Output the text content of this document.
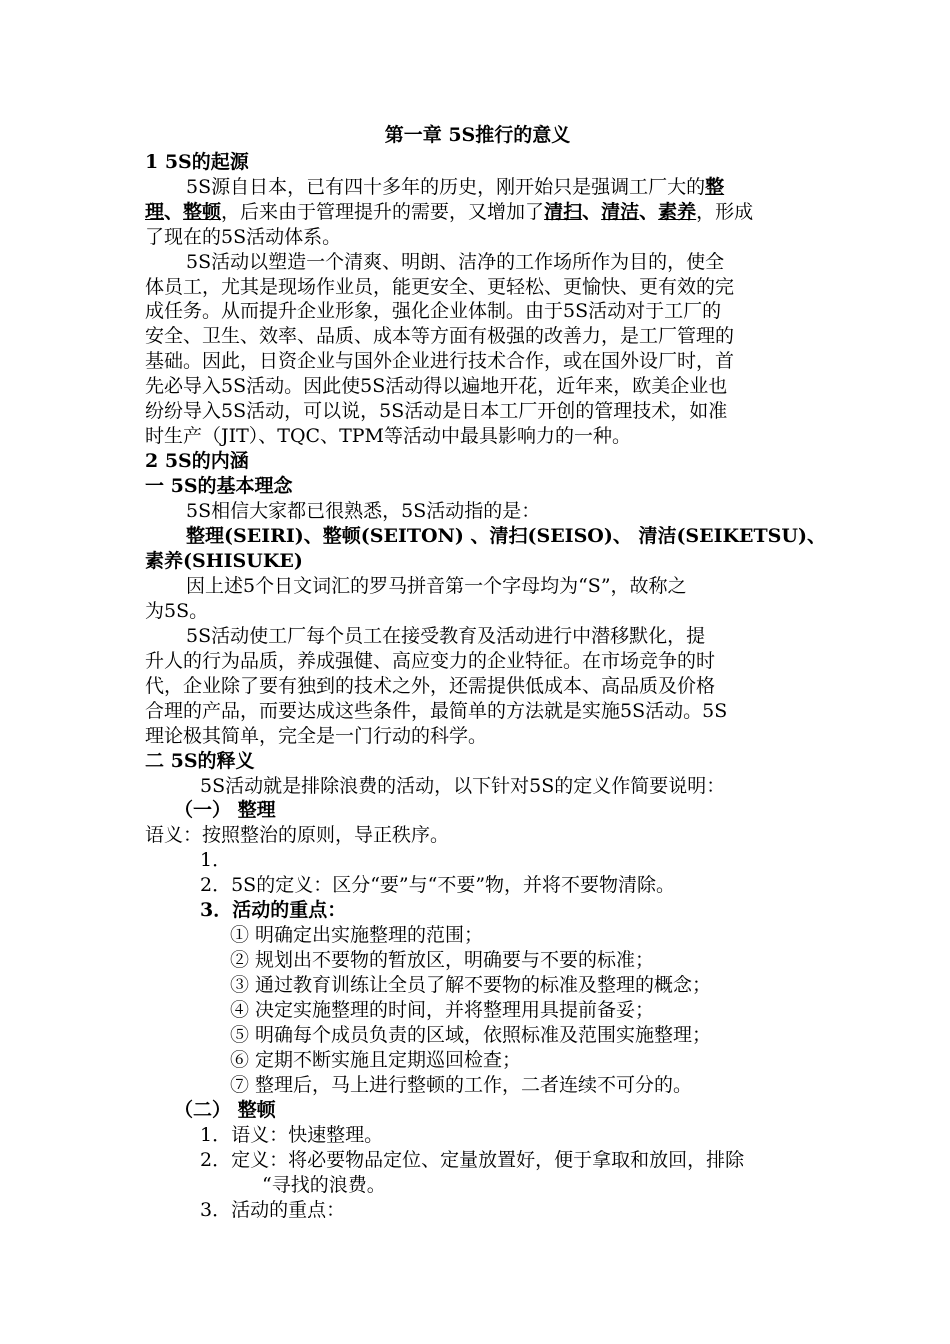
第一章 5S推行的意义
1 5S的起源
5S源自日本，已有四十多年的历史，刚开始只是强调工厂大的整
理、整顿，后来由于管理提升的需要，又增加了清扫、清洁、素养，形成
了现在的5S活动体系。
5S活动以塑造一个清爽、明朗、洁净的工作场所作为目的，使全
体员工，尤其是现场作业员，能更安全、更轻松、更愉快、更有效的完
成任务。从而提升企业形象，强化企业体制。由于5S活动对于工厂的
安全、卫生、效率、品质、成本等方面有极强的改善力，是工厂管理的
基础。因此，日资企业与国外企业进行技术合作，或在国外设厂时，首
先必导入5S活动。因此使5S活动得以遍地开花，近年来，欧美企业也
纷纷导入5S活动，可以说，5S活动是日本工厂开创的管理技术，如准
时生产（JIT）、TQC、TPM等活动中最具影响力的一种。
2 5S的内涵
一 5S的基本理念
5S相信大家都已很熟悉，5S活动指的是：
整理(SEIRI)、整顿(SEITON) 、清扫(SEISO)、 清洁(SEIKETSU)、
素养(SHISUKE)
因上述5个日文词汇的罗马拼音第一个字母均为“S”，故称之
为5S。
5S活动使工厂每个员工在接受教育及活动进行中潜移默化，提
升人的行为品质，养成强健、高应变力的企业特征。在市场竞争的时
代，企业除了要有独到的技术之外，还需提供低成本、高品质及价格
合理的产品，而要达成这些条件，最简单的方法就是实施5S活动。5S
理论极其简单，完全是一门行动的科学。
二 5S的释义
5S活动就是排除浪费的活动，以下针对5S的定义作简要说明：
（一） 整理
语义：按照整治的原则，导正秩序。
1．
2．5S的定义：区分“要”与“不要”物，并将不要物清除。
3．活动的重点：
① 明确定出实施整理的范围；
② 规划出不要物的暂放区，明确要与不要的标准；
③ 通过教育训练让全员了解不要物的标准及整理的概念；
④ 决定实施整理的时间，并将整理用具提前备妥；
⑤ 明确每个成员负责的区域，依照标准及范围实施整理；
⑥ 定期不断实施且定期巡回检查；
⑦ 整理后，马上进行整顿的工作，二者连续不可分的。
（二） 整顿
1．语义：快速整理。
2．定义：将必要物品定位、定量放置好，便于拿取和放回，排除
“寻找的浪费。
3．活动的重点：
